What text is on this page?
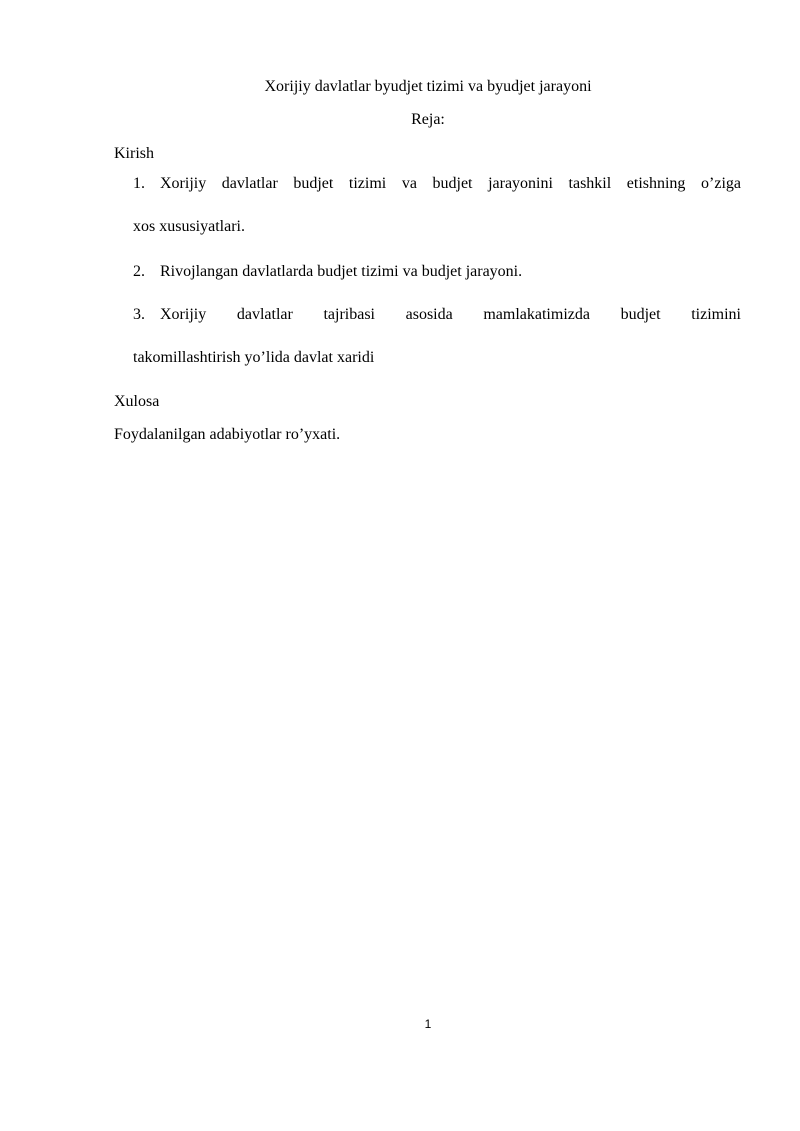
Xorijiy davlatlar byudjet tizimi va byudjet jarayoni
Reja:
Kirish
1. Xorijiy davlatlar budjet tizimi va budjet jarayonini tashkil etishning o’ziga
xos xususiyatlari.
2. Rivojlangan davlatlarda budjet tizimi va budjet jarayoni.
3. Xorijiy davlatlar tajribasi asosida mamlakatimizda budjet tizimini
takomillashtirish yo’lida davlat xaridi
Xulosa
Foydalanilgan adabiyotlar ro’yxati.
1
